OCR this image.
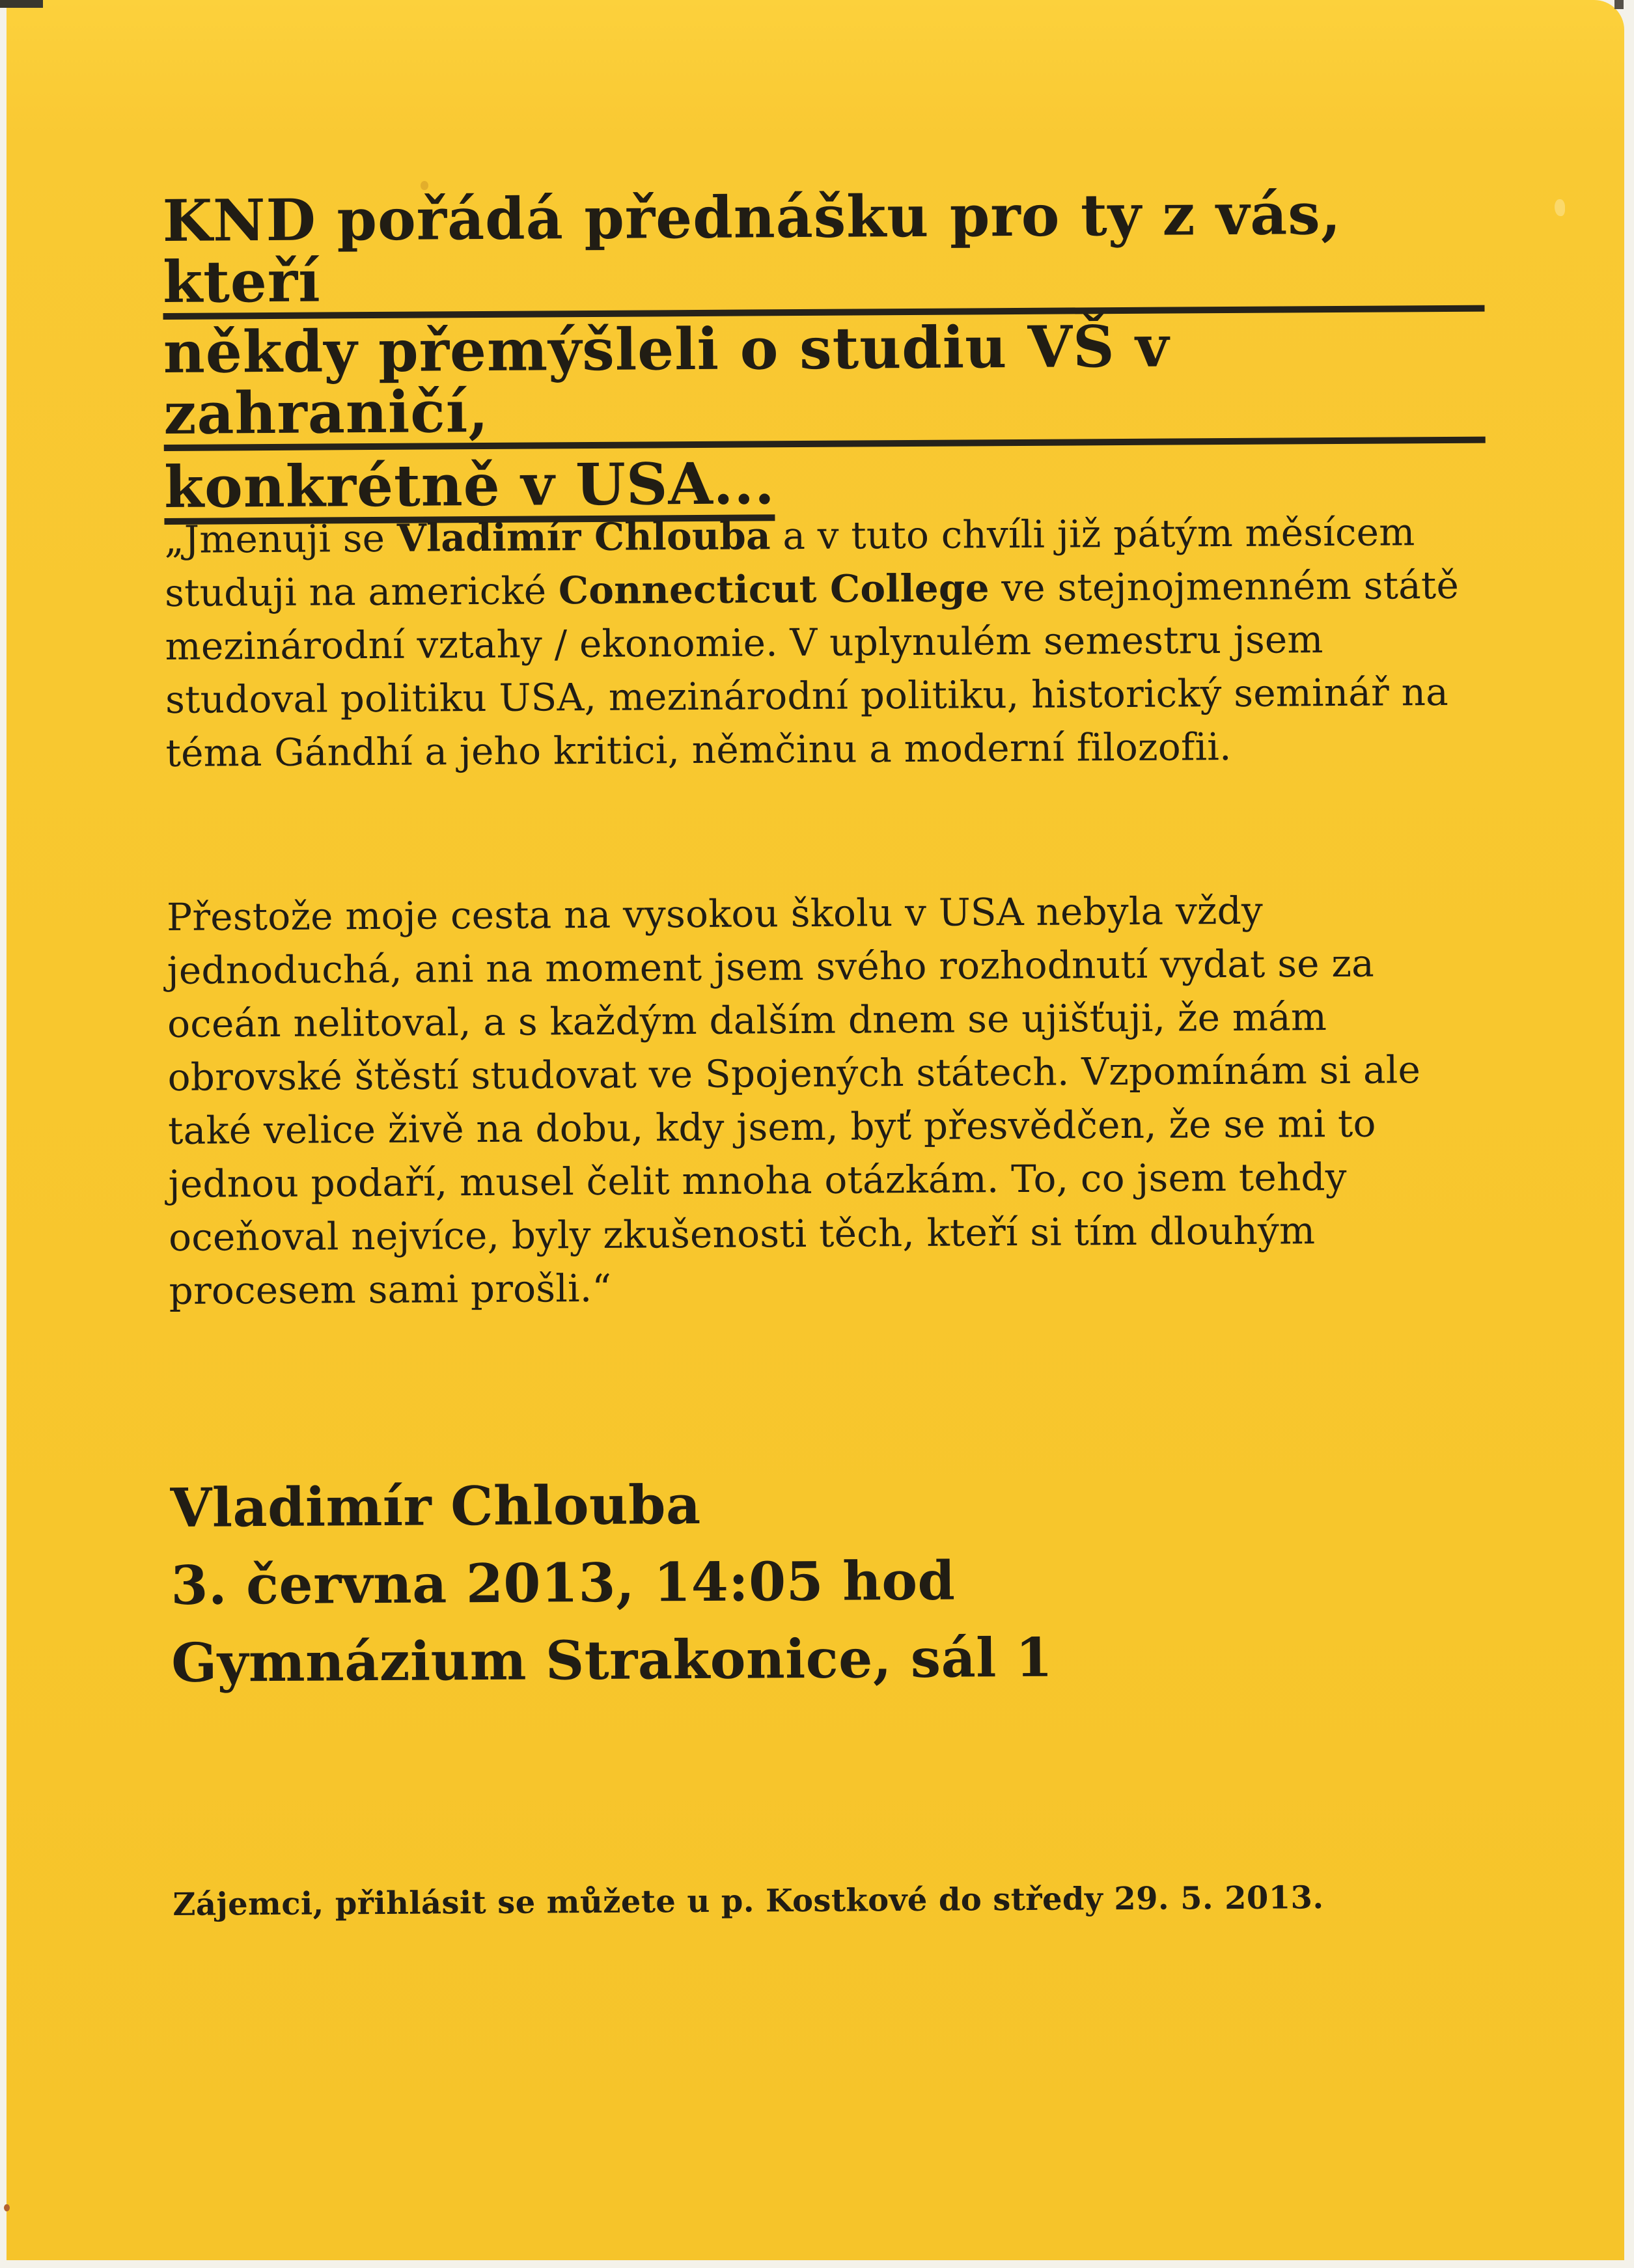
KND pořádá přednášku pro ty z vás, kteří
někdy přemýšleli o studiu VŠ v zahraničí,
konkrétně v USA...

„Jmenuji se Vladimír Chlouba a v tuto chvíli již pátým měsícem studuji na americké Connecticut College ve stejnojmenném státě mezinárodní vztahy / ekonomie. V uplynulém semestru jsem studoval politiku USA, mezinárodní politiku, historický seminář na téma Gándhí a jeho kritici, němčinu a moderní filozofii.

Přestože moje cesta na vysokou školu v USA nebyla vždy jednoduchá, ani na moment jsem svého rozhodnutí vydat se za oceán nelitoval, a s každým dalším dnem se ujišťuji, že mám obrovské štěstí studovat ve Spojených státech. Vzpomínám si ale také velice živě na dobu, kdy jsem, byť přesvědčen, že se mi to jednou podaří, musel čelit mnoha otázkám. To, co jsem tehdy oceňoval nejvíce, byly zkušenosti těch, kteří si tím dlouhým procesem sami prošli.“

Vladimír Chlouba
3. června 2013, 14:05 hod
Gymnázium Strakonice, sál 1
Zájemci, přihlásit se můžete u p. Kostkové do středy 29. 5. 2013.
